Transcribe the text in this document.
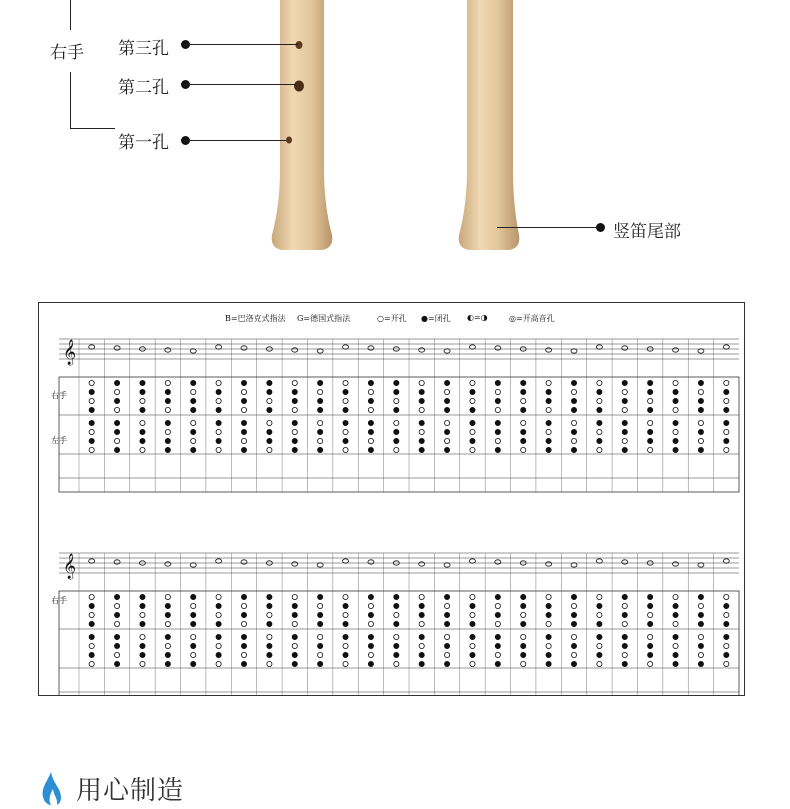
右手 第三孔
第二孔
第一孔
竖笛尾部
B=巴洛克式指法 G=德国式指法	○=开孔 ●=闭孔 ◐=◑	◎=开高音孔
𝄞
𝄞
右手
左手
右手
用心制造
